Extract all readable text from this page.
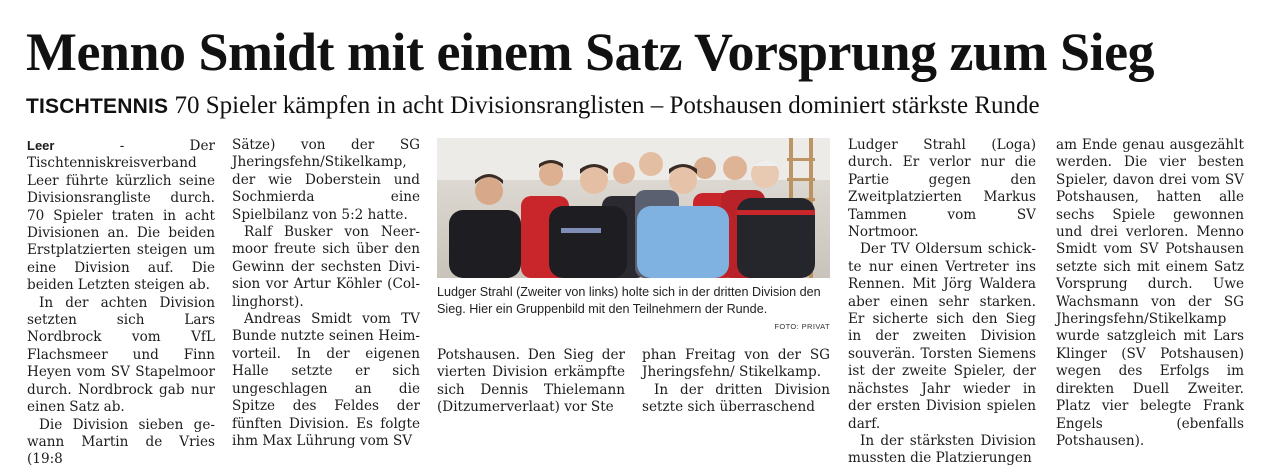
Menno Smidt mit einem Satz Vorsprung zum Sieg
TISCHTENNIS 70 Spieler kämpfen in acht Divisionsranglisten – Potshausen dominiert stärkste Runde

Leer - Der Tischtenniskreisverband Leer führte kürzlich seine Divisionsrangliste durch. 70 Spieler traten in acht Divisionen an. Die beiden Erstplatzierten steigen um eine Division auf. Die beiden Letzten steigen ab.

In der achten Division setzten sich Lars Nordbrock vom VfL Flachsmeer und Finn Heyen vom SV Stapelmoor durch. Nordbrock gab nur einen Satz ab.

Die Division sieben gewann Martin de Vries (19:8

Sätze) von der SG Jheringsfehn/Stikelkamp, der wie Doberstein und Sochmierda eine Spielbilanz von 5:2 hatte.

Ralf Busker von Neermoor freute sich über den Gewinn der sechsten Division vor Artur Köhler (Collinghorst).

Andreas Smidt vom TV Bunde nutzte seinen Heimvorteil. In der eigenen Halle setzte er sich ungeschlagen an die Spitze des Feldes der fünften Division. Es folgte ihm Max Lührung vom SV

Ludger Strahl (Zweiter von links) holte sich in der dritten Division den Sieg. Hier ein Gruppenbild mit den Teilnehmern der Runde.
FOTO: PRIVAT

Potshausen. Den Sieg der vierten Division erkämpfte sich Dennis Thielemann (Ditzumerverlaat) vor Ste

phan Freitag von der SG Jheringsfehn/ Stikelkamp.

In der dritten Division setzte sich überraschend

Ludger Strahl (Loga) durch. Er verlor nur die Partie gegen den Zweitplatzierten Markus Tammen vom SV Nortmoor.

Der TV Oldersum schickte nur einen Vertreter ins Rennen. Mit Jörg Waldera aber einen sehr starken. Er sicherte sich den Sieg in der zweiten Division souverän. Torsten Siemens ist der zweite Spieler, der nächstes Jahr wieder in der ersten Division spielen darf.

In der stärksten Division mussten die Platzierungen

am Ende genau ausgezählt werden. Die vier besten Spieler, davon drei vom SV Potshausen, hatten alle sechs Spiele gewonnen und drei verloren. Menno Smidt vom SV Potshausen setzte sich mit einem Satz Vorsprung durch. Uwe Wachsmann von der SG Jheringsfehn/Stikelkamp wurde satzgleich mit Lars Klinger (SV Potshausen) wegen des Erfolgs im direkten Duell Zweiter. Platz vier belegte Frank Engels (ebenfalls Potshausen).
